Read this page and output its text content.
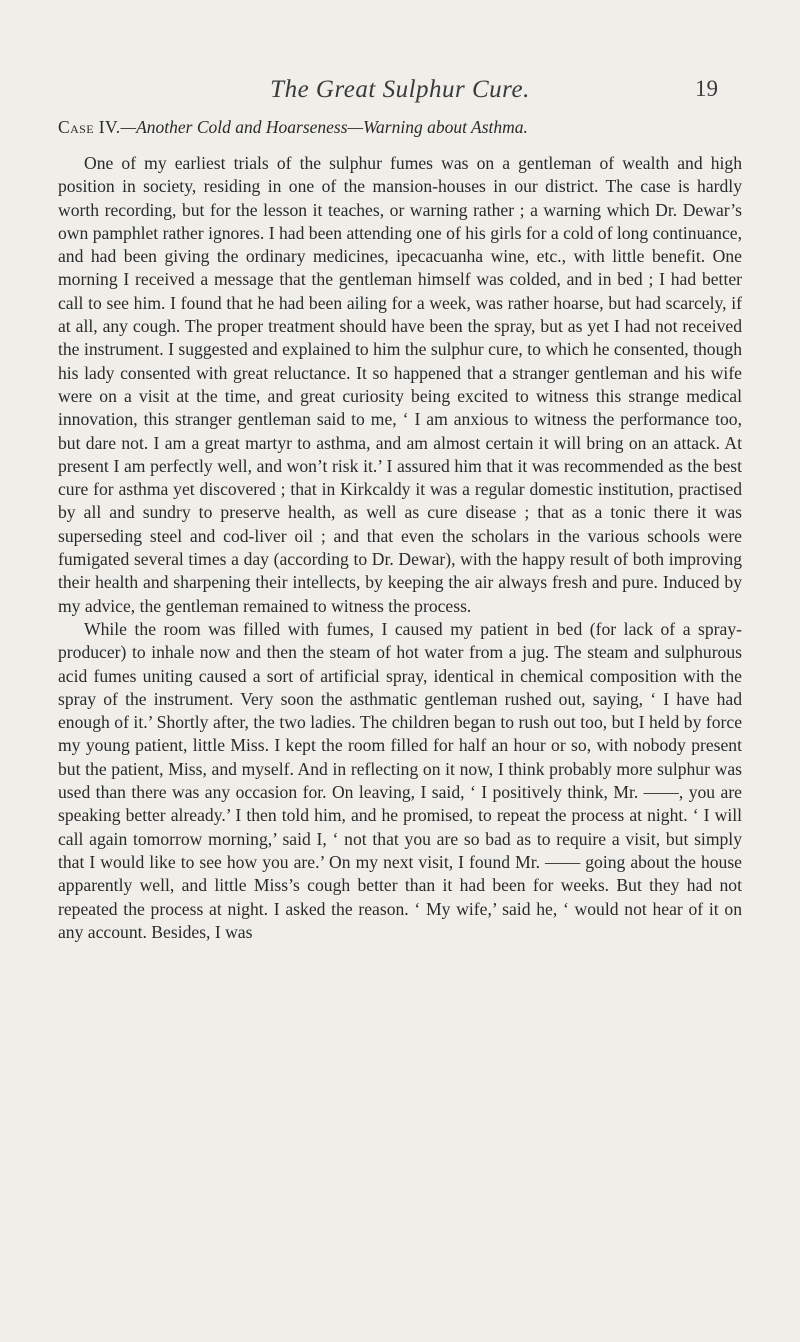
The Great Sulphur Cure.	19
Case IV.—Another Cold and Hoarseness—Warning about Asthma.

One of my earliest trials of the sulphur fumes was on a gentleman of wealth and high position in society, residing in one of the mansion-houses in our district. The case is hardly worth recording, but for the lesson it teaches, or warning rather ; a warning which Dr. Dewar’s own pamphlet rather ignores. I had been attending one of his girls for a cold of long continuance, and had been giving the ordinary medicines, ipecacuanha wine, etc., with little benefit. One morning I received a message that the gentleman himself was colded, and in bed ; I had better call to see him. I found that he had been ailing for a week, was rather hoarse, but had scarcely, if at all, any cough. The proper treatment should have been the spray, but as yet I had not received the instrument. I suggested and explained to him the sulphur cure, to which he consented, though his lady consented with great reluctance. It so happened that a stranger gentleman and his wife were on a visit at the time, and great curiosity being excited to witness this strange medical innovation, this stranger gentleman said to me, ‘ I am anxious to witness the performance too, but dare not. I am a great martyr to asthma, and am almost certain it will bring on an attack. At present I am perfectly well, and won’t risk it.’ I assured him that it was recommended as the best cure for asthma yet discovered ; that in Kirkcaldy it was a regular domestic institution, practised by all and sundry to preserve health, as well as cure disease ; that as a tonic there it was superseding steel and cod-liver oil ; and that even the scholars in the various schools were fumigated several times a day (according to Dr. Dewar), with the happy result of both improving their health and sharpening their intellects, by keeping the air always fresh and pure. Induced by my advice, the gentleman remained to witness the process.

While the room was filled with fumes, I caused my patient in bed (for lack of a spray-producer) to inhale now and then the steam of hot water from a jug. The steam and sulphurous acid fumes uniting caused a sort of artificial spray, identical in chemical composition with the spray of the instrument. Very soon the asthmatic gentleman rushed out, saying, ‘ I have had enough of it.’ Shortly after, the two ladies. The children began to rush out too, but I held by force my young patient, little Miss. I kept the room filled for half an hour or so, with nobody present but the patient, Miss, and myself. And in reflecting on it now, I think probably more sulphur was used than there was any occasion for. On leaving, I said, ‘ I positively think, Mr. ——, you are speaking better already.’ I then told him, and he promised, to repeat the process at night. ‘ I will call again tomorrow morning,’ said I, ‘ not that you are so bad as to require a visit, but simply that I would like to see how you are.’ On my next visit, I found Mr. —— going about the house apparently well, and little Miss’s cough better than it had been for weeks. But they had not repeated the process at night. I asked the reason. ‘ My wife,’ said he, ‘ would not hear of it on any account. Besides, I was
